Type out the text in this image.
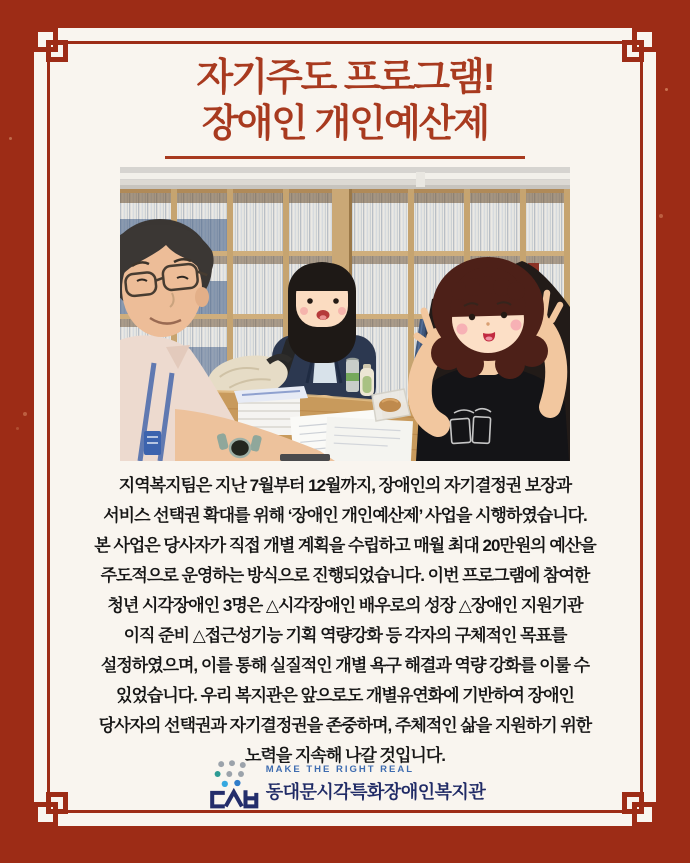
자기주도 프로그램!
장애인 개인예산제
지역복지팀은 지난 7월부터 12월까지, 장애인의 자기결정권 보장과
서비스 선택권 확대를 위해 ‘장애인 개인예산제’ 사업을 시행하였습니다.
본 사업은 당사자가 직접 개별 계획을 수립하고 매월 최대 20만원의 예산을
주도적으로 운영하는 방식으로 진행되었습니다. 이번 프로그램에 참여한
청년 시각장애인 3명은 △시각장애인 배우로의 성장 △장애인 지원기관
이직 준비 △접근성기능 기획 역량강화 등 각자의 구체적인 목표를
설정하였으며, 이를 통해 실질적인 개별 욕구 해결과 역량 강화를 이룰 수
있었습니다. 우리 복지관은 앞으로도 개별유연화에 기반하여 장애인
당사자의 선택권과 자기결정권을 존중하며, 주체적인 삶을 지원하기 위한
노력을 지속해 나갈 것입니다.
MAKE THE RIGHT REAL
동대문시각특화장애인복지관
